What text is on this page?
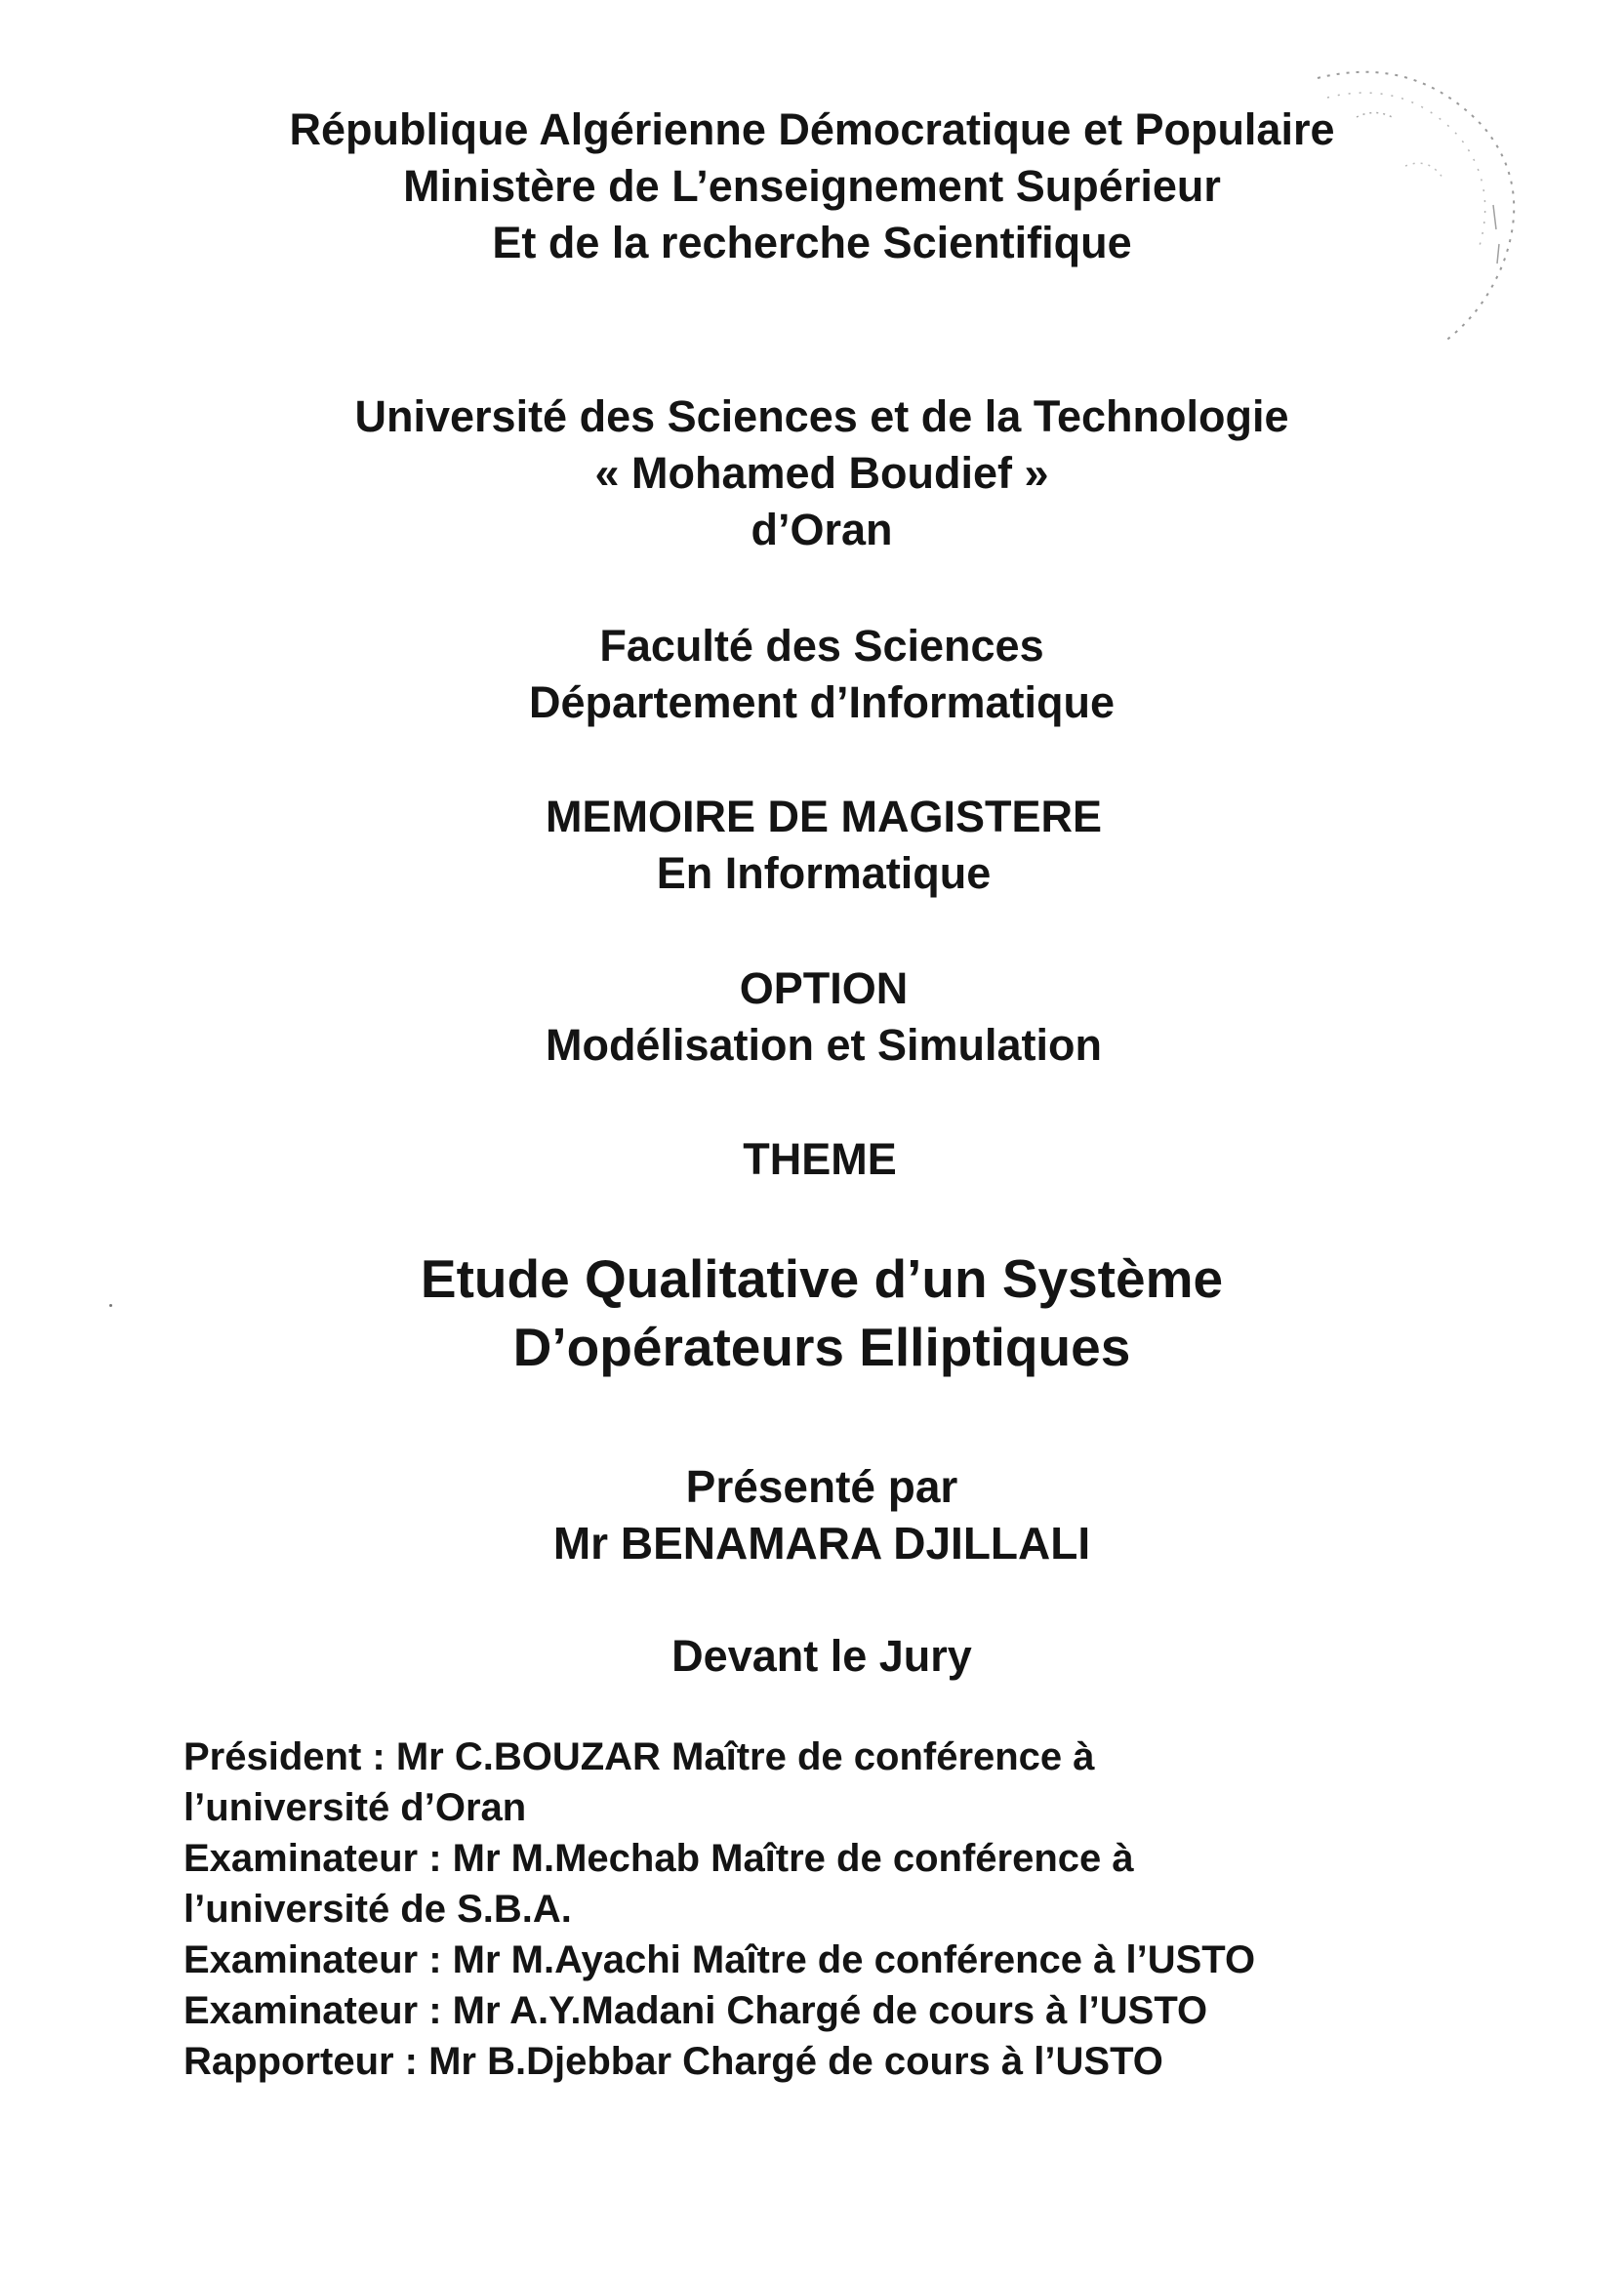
République Algérienne Démocratique et Populaire
Ministère de L’enseignement Supérieur
Et de la recherche Scientifique
Université des Sciences et de la Technologie
« Mohamed Boudief »
d’Oran
Faculté des Sciences
Département d’Informatique
MEMOIRE DE MAGISTERE
En Informatique
OPTION
Modélisation et Simulation
THEME
Etude Qualitative d’un Système
D’opérateurs Elliptiques
Présenté par
Mr BENAMARA DJILLALI
Devant le Jury
Président : Mr C.BOUZAR Maître de conférence à
l’université d’Oran
Examinateur : Mr M.Mechab Maître de conférence à
l’université de S.B.A.
Examinateur : Mr M.Ayachi Maître de conférence à l’USTO
Examinateur : Mr A.Y.Madani Chargé de cours à l’USTO
Rapporteur : Mr B.Djebbar Chargé de cours à l’USTO
